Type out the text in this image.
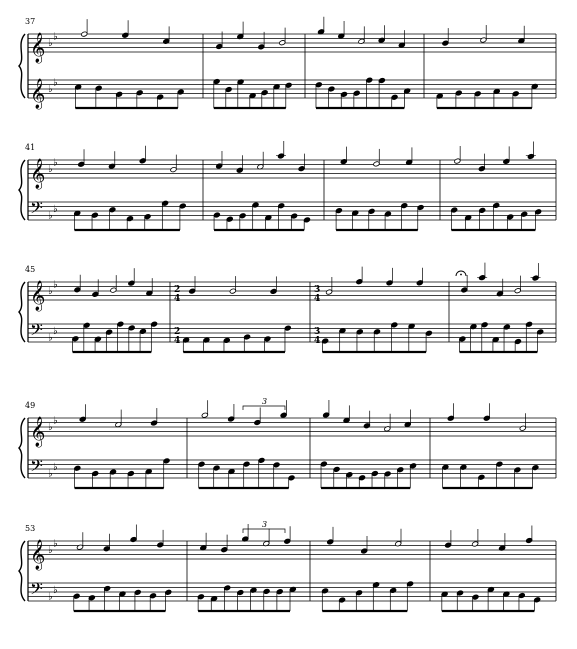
37
𝄞
𝄞
♭
♭
♭
♭
41
𝄞
𝄢
♭
♭
♭
♭
45
𝄞
𝄢
♭
♭
♭
♭
2
4
2
4
3
4
3
4
49
𝄞
𝄢
♭
♭
♭
♭
53
𝄞
𝄢
♭
♭
♭
♭
3
3
